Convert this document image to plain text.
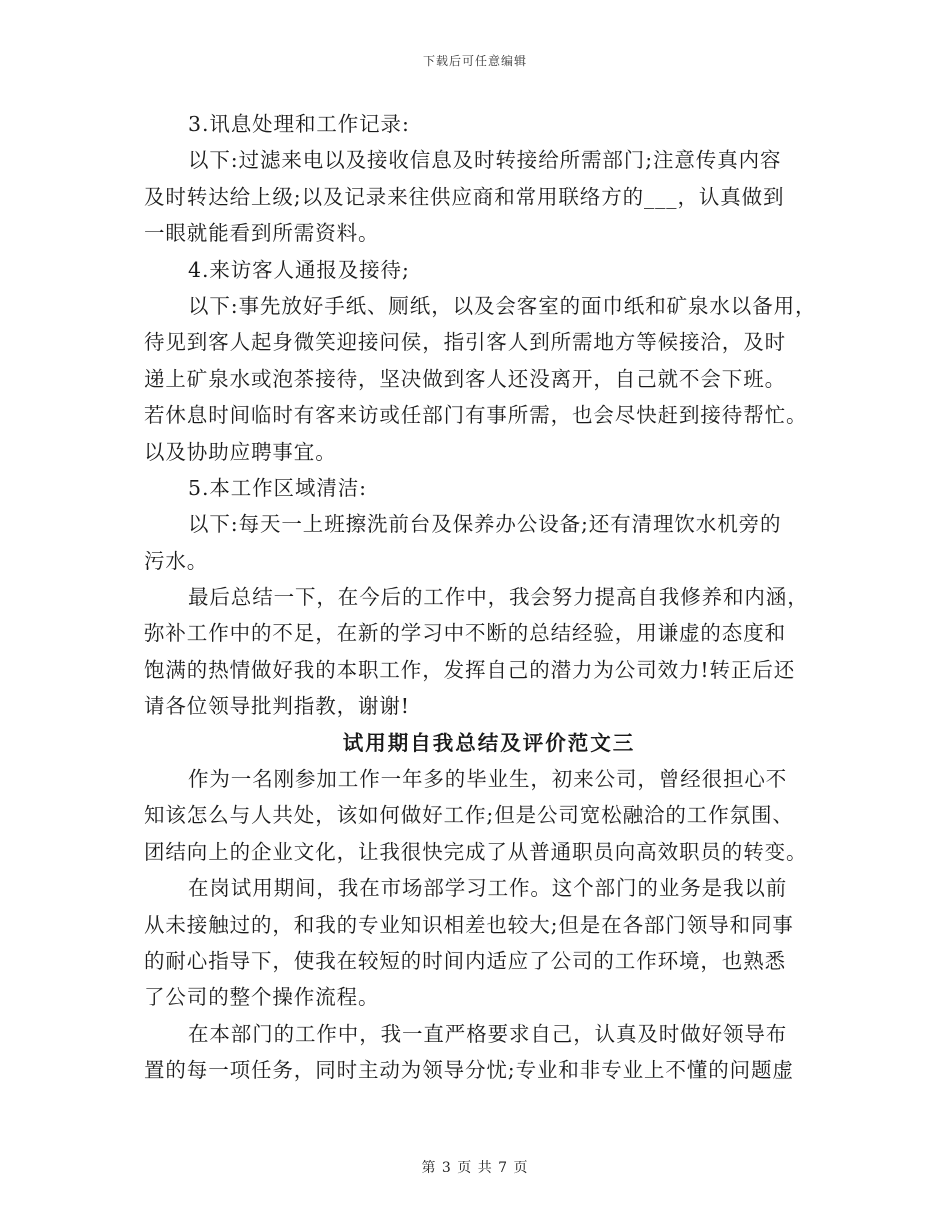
下载后可任意编辑
3.讯息处理和工作记录:
以下:过滤来电以及接收信息及时转接给所需部门;注意传真内容
及时转达给上级;以及记录来往供应商和常用联络方的___，认真做到
一眼就能看到所需资料。
4.来访客人通报及接待;
以下:事先放好手纸、厕纸，以及会客室的面巾纸和矿泉水以备用，
待见到客人起身微笑迎接问侯，指引客人到所需地方等候接洽，及时
递上矿泉水或泡茶接待，坚决做到客人还没离开，自己就不会下班。
若休息时间临时有客来访或任部门有事所需，也会尽快赶到接待帮忙。
以及协助应聘事宜。
5.本工作区域清洁:
以下:每天一上班擦洗前台及保养办公设备;还有清理饮水机旁的
污水。
最后总结一下，在今后的工作中，我会努力提高自我修养和内涵，
弥补工作中的不足，在新的学习中不断的总结经验，用谦虚的态度和
饱满的热情做好我的本职工作，发挥自己的潜力为公司效力!转正后还
请各位领导批判指教，谢谢!
试用期自我总结及评价范文三
作为一名刚参加工作一年多的毕业生，初来公司，曾经很担心不
知该怎么与人共处，该如何做好工作;但是公司宽松融洽的工作氛围、
团结向上的企业文化，让我很快完成了从普通职员向高效职员的转变。
在岗试用期间，我在市场部学习工作。这个部门的业务是我以前
从未接触过的，和我的专业知识相差也较大;但是在各部门领导和同事
的耐心指导下，使我在较短的时间内适应了公司的工作环境，也熟悉
了公司的整个操作流程。
在本部门的工作中，我一直严格要求自己，认真及时做好领导布
置的每一项任务，同时主动为领导分忧;专业和非专业上不懂的问题虚
第 3 页 共 7 页
